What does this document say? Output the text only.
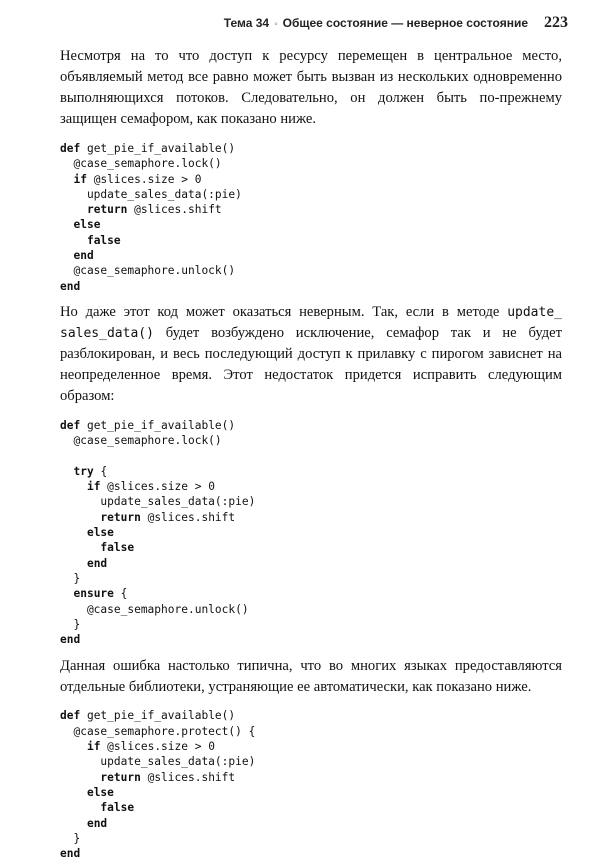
Тема 34 ◦ Общее состояние — неверное состояние 223

Несмотря на то что доступ к ресурсу перемещен в центральное место, объявляемый метод все равно может быть вызван из нескольких одновременно выполняющихся потоков. Следовательно, он должен быть по-прежнему защищен семафором, как показано ниже.

def get_pie_if_available()
@case_semaphore.lock()
if @slices.size > 0
update_sales_data(:pie)
return @slices.shift
else
false
end
@case_semaphore.unlock()
end

Но даже этот код может оказаться неверным. Так, если в методе update_ sales_data() будет возбуждено исключение, семафор так и не будет разблокирован, и весь последующий доступ к прилавку с пирогом зависнет на неопределенное время. Этот недостаток придется исправить следующим образом:

def get_pie_if_available()
@case_semaphore.lock()

try {
if @slices.size > 0
update_sales_data(:pie)
return @slices.shift
else
false
end
}
ensure {
@case_semaphore.unlock()
}
end

Данная ошибка настолько типична, что во многих языках предоставляются отдельные библиотеки, устраняющие ее автоматически, как показано ниже.

def get_pie_if_available()
@case_semaphore.protect() {
if @slices.size > 0
update_sales_data(:pie)
return @slices.shift
else
false
end
}
end
